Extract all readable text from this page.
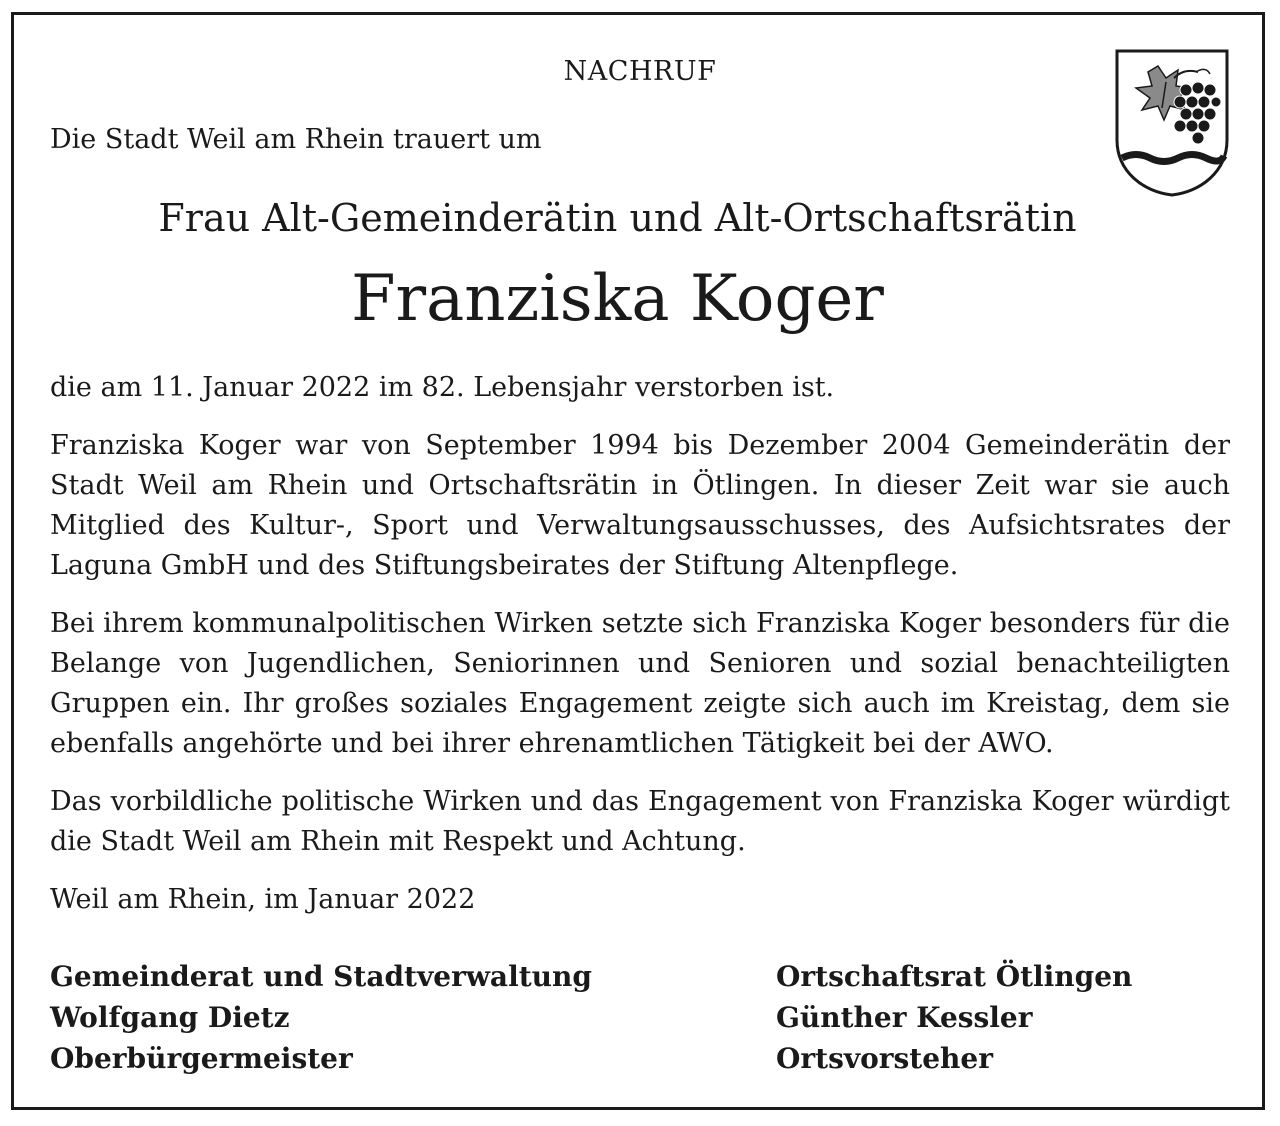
NACHRUF
Die Stadt Weil am Rhein trauert um
Frau Alt-Gemeinderätin und Alt-Ortschaftsrätin
Franziska Koger

die am 11. Januar 2022 im 82. Lebensjahr verstorben ist.

Franziska Koger war von September 1994 bis Dezember 2004 Gemeinderätin der Stadt Weil am Rhein und Ortschaftsrätin in Ötlingen. In dieser Zeit war sie auch Mitglied des Kultur-, Sport und Verwaltungsausschusses, des Aufsichtsrates der Laguna GmbH und des Stiftungsbeirates der Stiftung Altenpflege.

Bei ihrem kommunalpolitischen Wirken setzte sich Franziska Koger besonders für die Belange von Jugendlichen, Seniorinnen und Senioren und sozial benachteiligten Gruppen ein. Ihr großes soziales Engagement zeigte sich auch im Kreistag, dem sie ebenfalls angehörte und bei ihrer ehrenamtlichen Tätigkeit bei der AWO.

Das vorbildliche politische Wirken und das Engagement von Franziska Koger würdigt die Stadt Weil am Rhein mit Respekt und Achtung.

Weil am Rhein, im Januar 2022

Gemeinderat und Stadtverwaltung
Wolfgang Dietz
Oberbürgermeister
Ortschaftsrat Ötlingen
Günther Kessler
Ortsvorsteher
